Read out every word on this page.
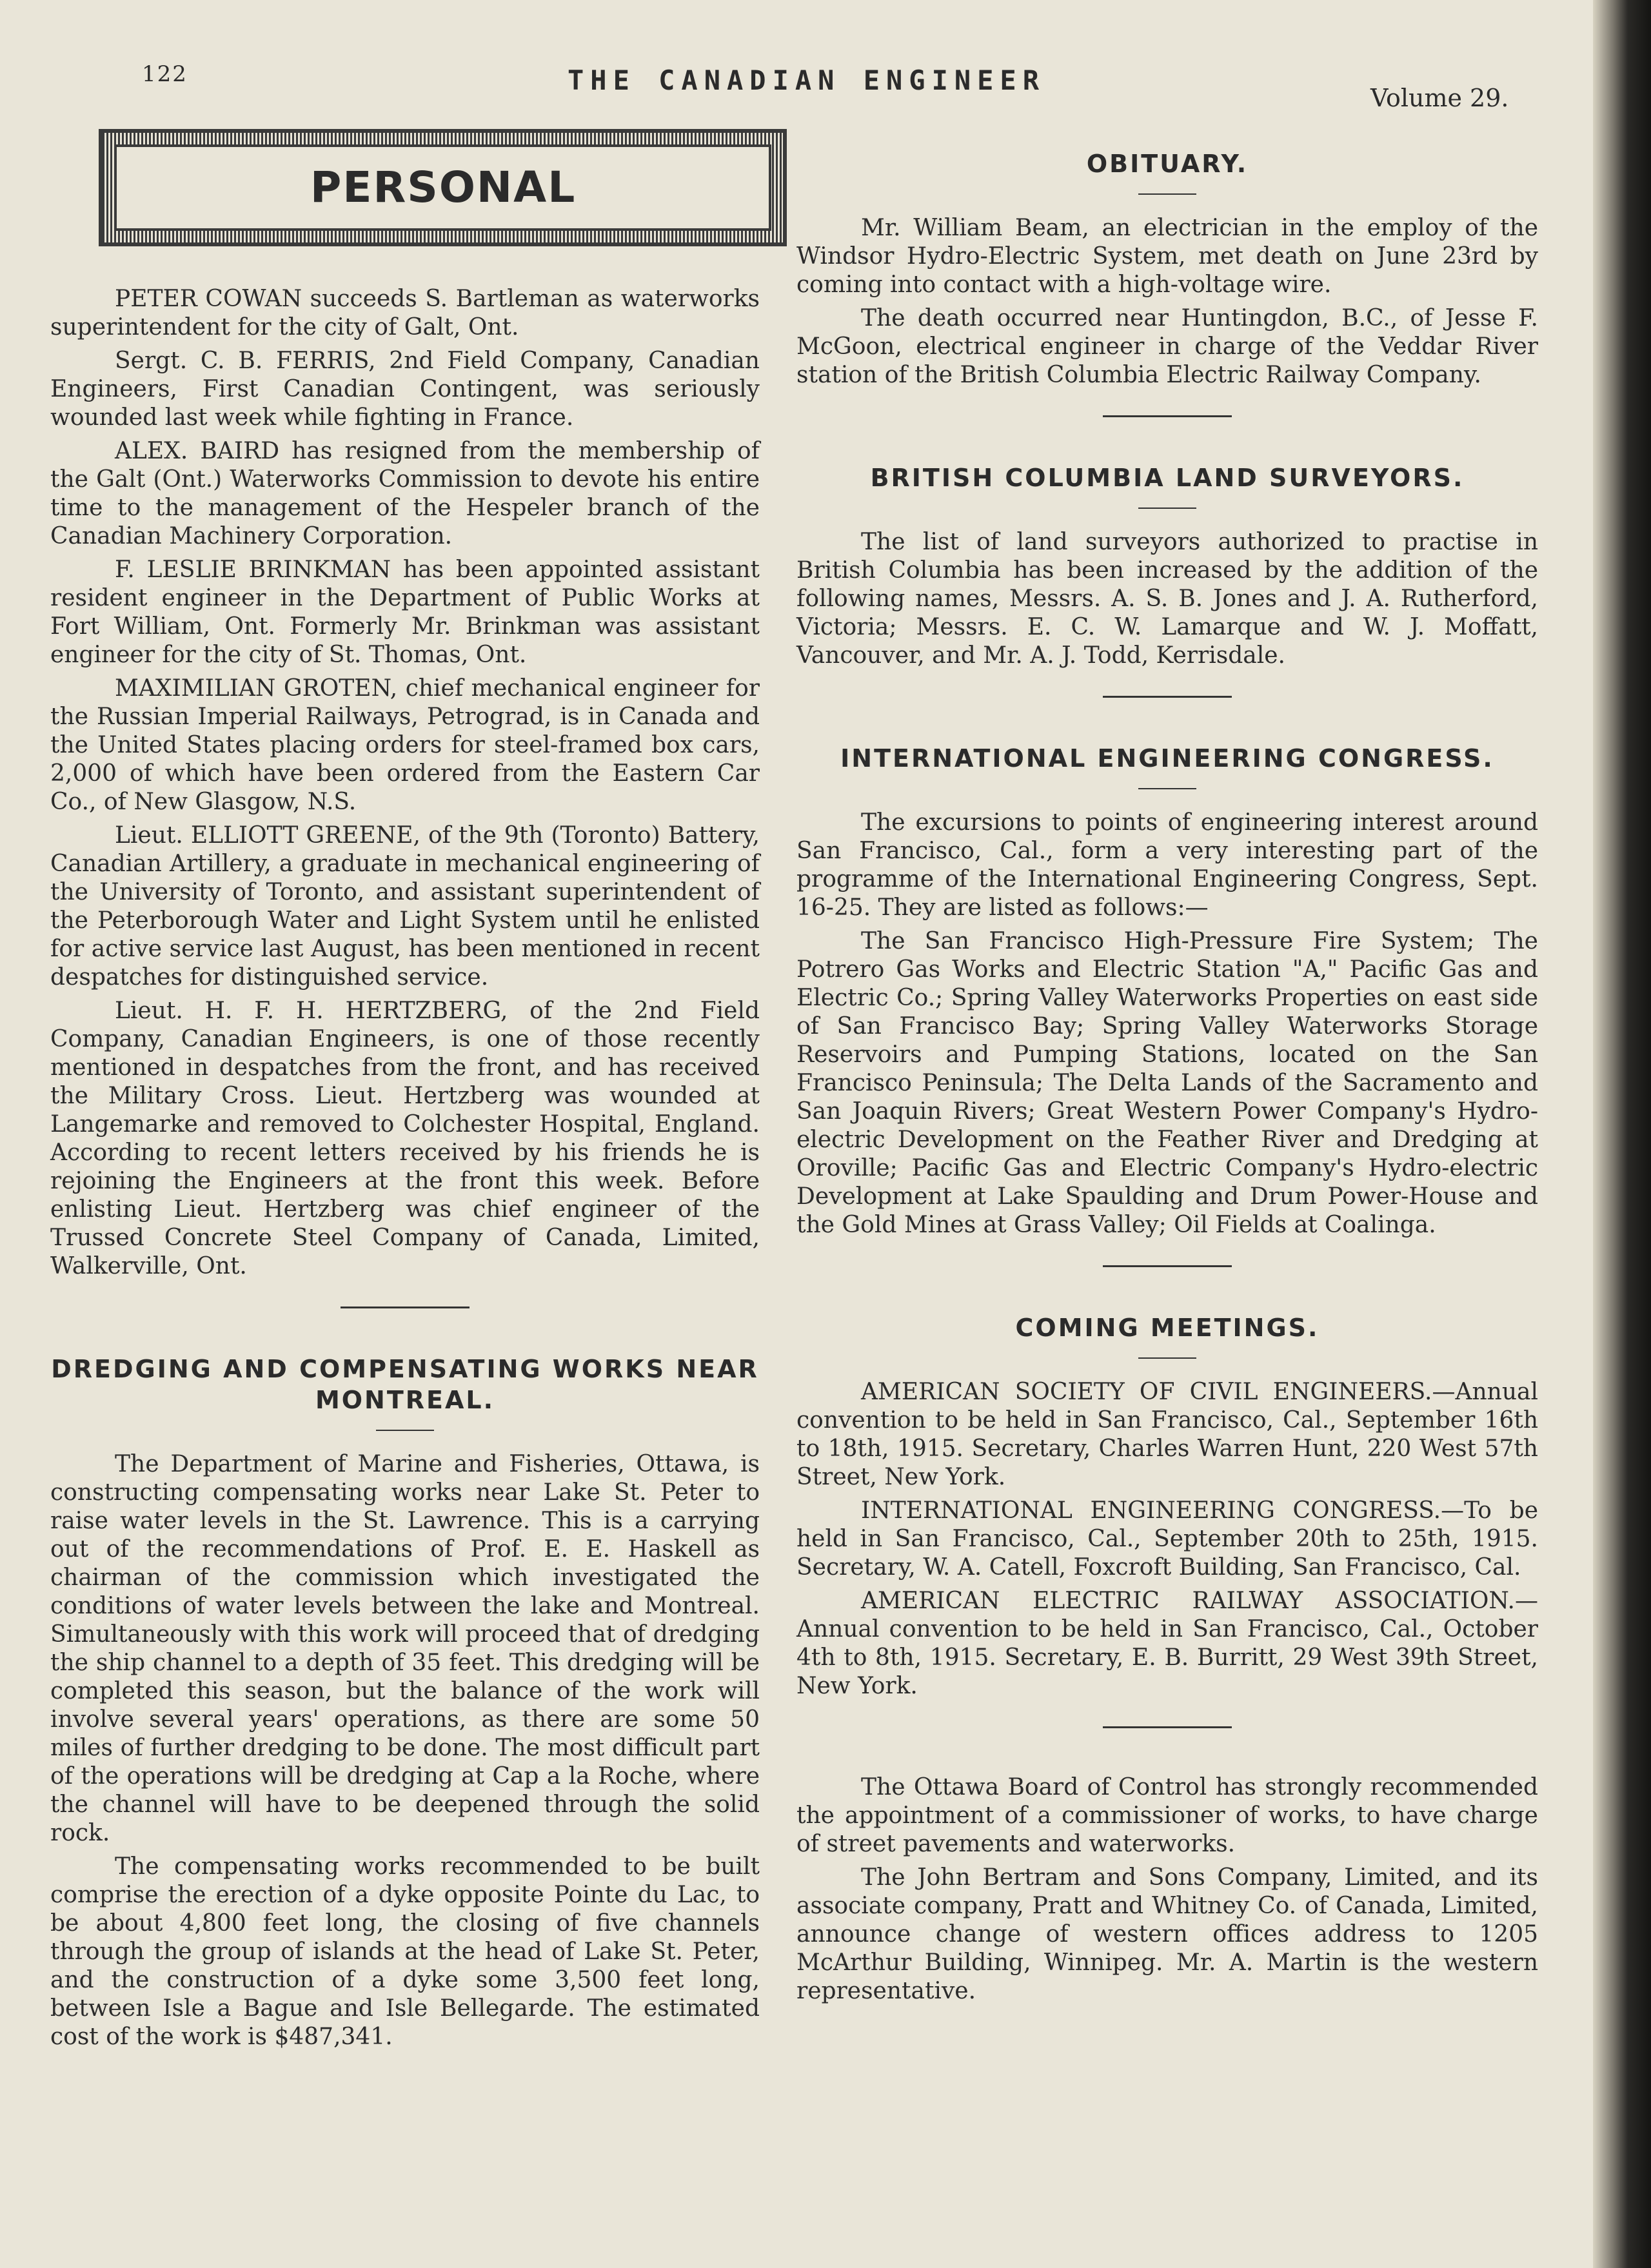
122	THE CANADIAN ENGINEER
Volume 29.
PERSONAL

PETER COWAN succeeds S. Bartleman as waterworks superintendent for the city of Galt, Ont.

Sergt. C. B. FERRIS, 2nd Field Company, Canadian Engineers, First Canadian Contingent, was seriously wounded last week while fighting in France.

ALEX. BAIRD has resigned from the membership of the Galt (Ont.) Waterworks Commission to devote his entire time to the management of the Hespeler branch of the Canadian Machinery Corporation.

F. LESLIE BRINKMAN has been appointed assistant resident engineer in the Department of Public Works at Fort William, Ont. Formerly Mr. Brinkman was assistant engineer for the city of St. Thomas, Ont.

MAXIMILIAN GROTEN, chief mechanical engineer for the Russian Imperial Railways, Petrograd, is in Canada and the United States placing orders for steel-framed box cars, 2,000 of which have been ordered from the Eastern Car Co., of New Glasgow, N.S.

Lieut. ELLIOTT GREENE, of the 9th (Toronto) Battery, Canadian Artillery, a graduate in mechanical engineering of the University of Toronto, and assistant superintendent of the Peterborough Water and Light System until he enlisted for active service last August, has been mentioned in recent despatches for distinguished service.

Lieut. H. F. H. HERTZBERG, of the 2nd Field Company, Canadian Engineers, is one of those recently mentioned in despatches from the front, and has received the Military Cross. Lieut. Hertzberg was wounded at Langemarke and removed to Colchester Hospital, England. According to recent letters received by his friends he is rejoining the Engineers at the front this week. Before enlisting Lieut. Hertzberg was chief engineer of the Trussed Concrete Steel Company of Canada, Limited, Walkerville, Ont.

DREDGING AND COMPENSATING WORKS NEAR MONTREAL.

The Department of Marine and Fisheries, Ottawa, is constructing compensating works near Lake St. Peter to raise water levels in the St. Lawrence. This is a carrying out of the recommendations of Prof. E. E. Haskell as chairman of the commission which investigated the conditions of water levels between the lake and Montreal. Simultaneously with this work will proceed that of dredging the ship channel to a depth of 35 feet. This dredging will be completed this season, but the balance of the work will involve several years' operations, as there are some 50 miles of further dredging to be done. The most difficult part of the operations will be dredging at Cap a la Roche, where the channel will have to be deepened through the solid rock.

The compensating works recommended to be built comprise the erection of a dyke opposite Pointe du Lac, to be about 4,800 feet long, the closing of five channels through the group of islands at the head of Lake St. Peter, and the construction of a dyke some 3,500 feet long, between Isle a Bague and Isle Bellegarde. The estimated cost of the work is $487,341.

OBITUARY.

Mr. William Beam, an electrician in the employ of the Windsor Hydro-Electric System, met death on June 23rd by coming into contact with a high-voltage wire.

The death occurred near Huntingdon, B.C., of Jesse F. McGoon, electrical engineer in charge of the Veddar River station of the British Columbia Electric Railway Company.

BRITISH COLUMBIA LAND SURVEYORS.

The list of land surveyors authorized to practise in British Columbia has been increased by the addition of the following names, Messrs. A. S. B. Jones and J. A. Rutherford, Victoria; Messrs. E. C. W. Lamarque and W. J. Moffatt, Vancouver, and Mr. A. J. Todd, Kerrisdale.

INTERNATIONAL ENGINEERING CONGRESS.

The excursions to points of engineering interest around San Francisco, Cal., form a very interesting part of the programme of the International Engineering Congress, Sept. 16-25. They are listed as follows:—

The San Francisco High-Pressure Fire System; The Potrero Gas Works and Electric Station "A," Pacific Gas and Electric Co.; Spring Valley Waterworks Properties on east side of San Francisco Bay; Spring Valley Waterworks Storage Reservoirs and Pumping Stations, located on the San Francisco Peninsula; The Delta Lands of the Sacramento and San Joaquin Rivers; Great Western Power Company's Hydro-electric Development on the Feather River and Dredging at Oroville; Pacific Gas and Electric Company's Hydro-electric Development at Lake Spaulding and Drum Power-House and the Gold Mines at Grass Valley; Oil Fields at Coalinga.

COMING MEETINGS.

AMERICAN SOCIETY OF CIVIL ENGINEERS.—Annual convention to be held in San Francisco, Cal., September 16th to 18th, 1915. Secretary, Charles Warren Hunt, 220 West 57th Street, New York.

INTERNATIONAL ENGINEERING CONGRESS.—To be held in San Francisco, Cal., September 20th to 25th, 1915. Secretary, W. A. Catell, Foxcroft Building, San Francisco, Cal.

AMERICAN ELECTRIC RAILWAY ASSOCIATION.—Annual convention to be held in San Francisco, Cal., October 4th to 8th, 1915. Secretary, E. B. Burritt, 29 West 39th Street, New York.

The Ottawa Board of Control has strongly recommended the appointment of a commissioner of works, to have charge of street pavements and waterworks.

The John Bertram and Sons Company, Limited, and its associate company, Pratt and Whitney Co. of Canada, Limited, announce change of western offices address to 1205 McArthur Building, Winnipeg. Mr. A. Martin is the western representative.
